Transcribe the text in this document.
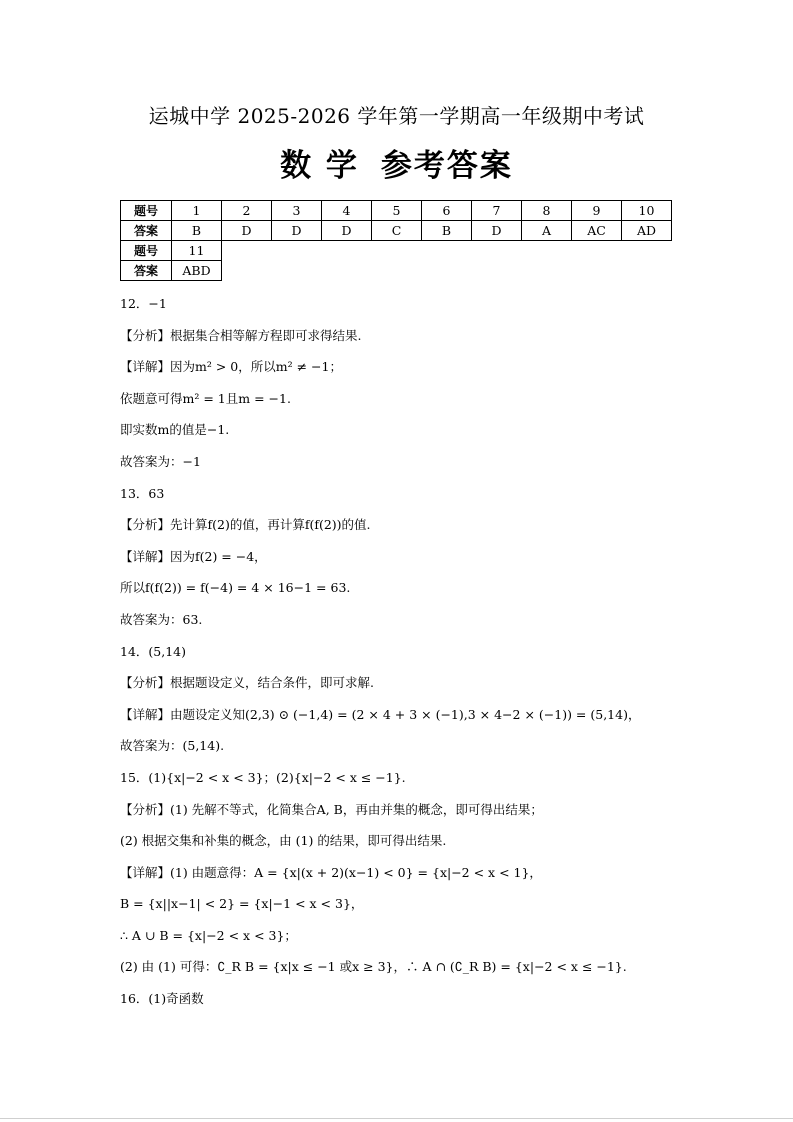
运城中学 2025-2026 学年第一学期高一年级期中考试
数 学 参考答案
题号	1	2	3	4	5	6	7	8	9	10
答案	B	D	D	D	C	B	D	A	AC	AD
题号	11									
答案	ABD									
12．−1
【分析】根据集合相等解方程即可求得结果.
【详解】因为m² > 0，所以m² ≠ −1；
依题意可得m² = 1且m = −1.
即实数m的值是−1.
故答案为：−1
13．63
【分析】先计算f(2)的值，再计算f(f(2))的值.
【详解】因为f(2) = −4，
所以f(f(2)) = f(−4) = 4 × 16−1 = 63.
故答案为：63.
14．(5,14)
【分析】根据题设定义，结合条件，即可求解.
【详解】由题设定义知(2,3) ⊙ (−1,4) = (2 × 4 + 3 × (−1),3 × 4−2 × (−1)) = (5,14)，
故答案为：(5,14).
15．(1){x|−2 < x < 3}；(2){x|−2 < x ≤ −1}.
【分析】(1) 先解不等式，化简集合A, B，再由并集的概念，即可得出结果；
(2) 根据交集和补集的概念，由 (1) 的结果，即可得出结果.
【详解】(1) 由题意得：A = {x|(x + 2)(x−1) < 0} = {x|−2 < x < 1}，
B = {x||x−1| < 2} = {x|−1 < x < 3}，
∴ A ∪ B = {x|−2 < x < 3}；
(2) 由 (1) 可得：∁_R B = {x|x ≤ −1 或x ≥ 3}，∴ A ∩ (∁_R B) = {x|−2 < x ≤ −1}.
16．(1)奇函数
